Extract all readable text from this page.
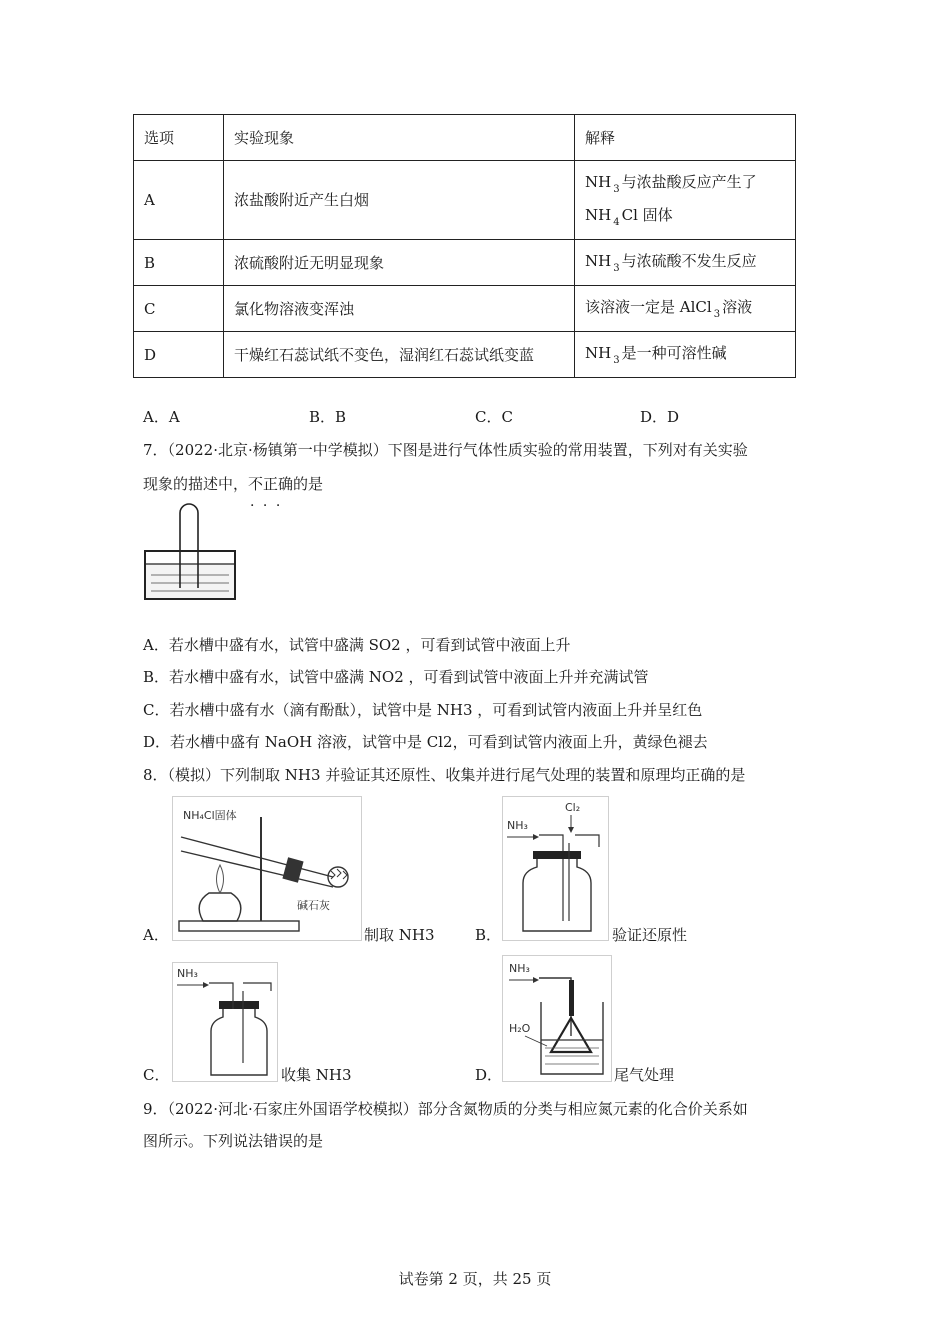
选项	实验现象	解释
A	浓盐酸附近产生白烟	NH $_3$ 与浓盐酸反应产生了
NH $_4$ Cl 固体
B	浓硫酸附近无明显现象	NH $_3$ 与浓硫酸不发生反应
C	氯化物溶液变浑浊	该溶液一定是 AlCl $_3$ 溶液
D	干燥红石蕊试纸不变色，湿润红石蕊试纸变蓝	NH $_3$ 是一种可溶性碱
A．A	B．B	C．C	D．D
7．（2022·北京·杨镇第一中学模拟）下图是进行气体性质实验的常用装置，下列对有关实验
现象的描述中，不正确 · · ·的是
A．若水槽中盛有水，试管中盛满 SO2 ，可看到试管中液面上升
B．若水槽中盛有水，试管中盛满 NO2 ，可看到试管中液面上升并充满试管
C．若水槽中盛有水（滴有酚酞），试管中是 NH3 ，可看到试管内液面上升并呈红色
D．若水槽中盛有 NaOH 溶液，试管中是 Cl2，可看到试管内液面上升，黄绿色褪去
8．（模拟）下列制取 NH3 并验证其还原性、收集并进行尾气处理的装置和原理均正确的是
A．
NH₄Cl固体
碱石灰
制取 NH3	B．
Cl₂
NH₃
验证还原性
C．
NH₃
收集 NH3	D．
NH₃
H₂O
尾气处理
9．（2022·河北·石家庄外国语学校模拟）部分含氮物质的分类与相应氮元素的化合价关系如
图所示。下列说法错误的是
试卷第 2 页，共 25 页
